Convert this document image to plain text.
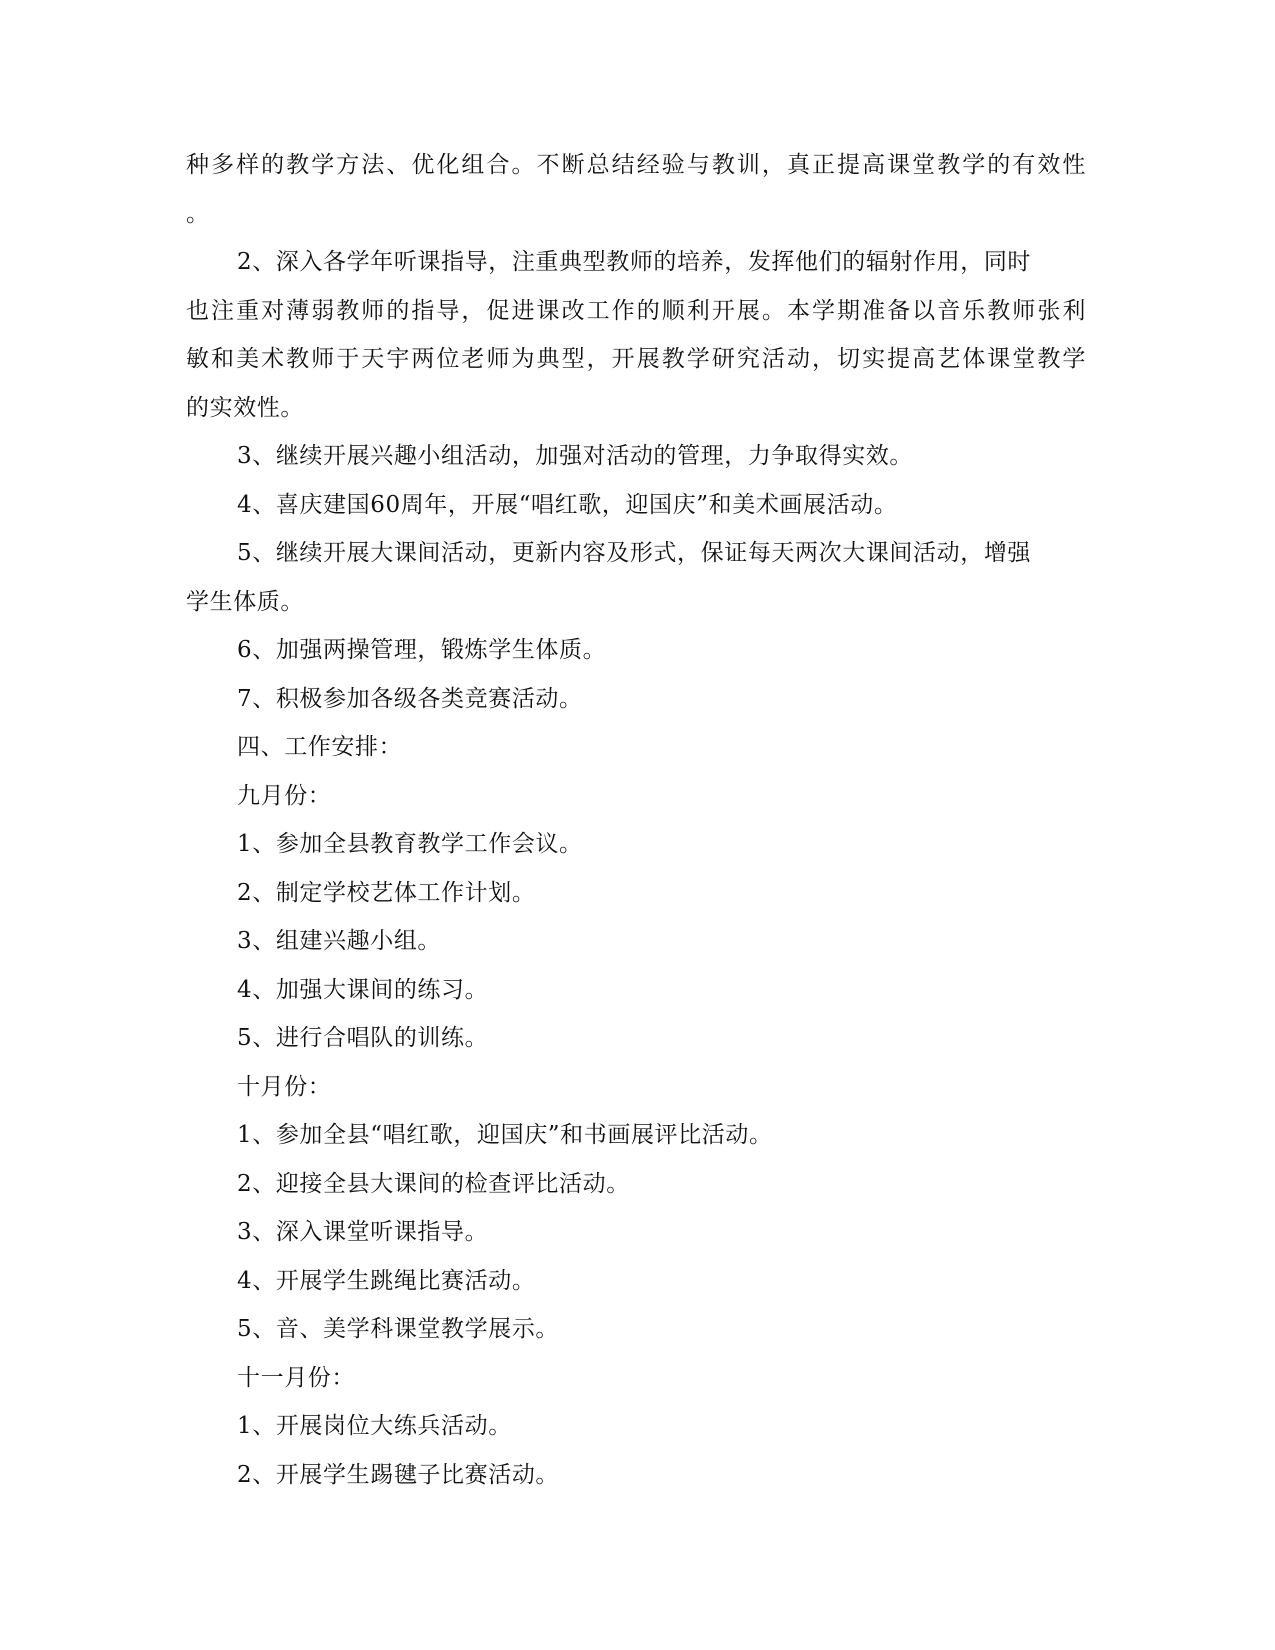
种多样的教学方法、优化组合。不断总结经验与教训，真正提高课堂教学的有效性
。
2、深入各学年听课指导，注重典型教师的培养，发挥他们的辐射作用，同时
也注重对薄弱教师的指导，促进课改工作的顺利开展。本学期准备以音乐教师张利
敏和美术教师于天宇两位老师为典型，开展教学研究活动，切实提高艺体课堂教学
的实效性。
3、继续开展兴趣小组活动，加强对活动的管理，力争取得实效。
4、喜庆建国60周年，开展“唱红歌，迎国庆”和美术画展活动。
5、继续开展大课间活动，更新内容及形式，保证每天两次大课间活动，增强
学生体质。
6、加强两操管理，锻炼学生体质。
7、积极参加各级各类竞赛活动。
四、工作安排：
九月份：
1、参加全县教育教学工作会议。
2、制定学校艺体工作计划。
3、组建兴趣小组。
4、加强大课间的练习。
5、进行合唱队的训练。
十月份：
1、参加全县“唱红歌，迎国庆”和书画展评比活动。
2、迎接全县大课间的检查评比活动。
3、深入课堂听课指导。
4、开展学生跳绳比赛活动。
5、音、美学科课堂教学展示。
十一月份：
1、开展岗位大练兵活动。
2、开展学生踢毽子比赛活动。
